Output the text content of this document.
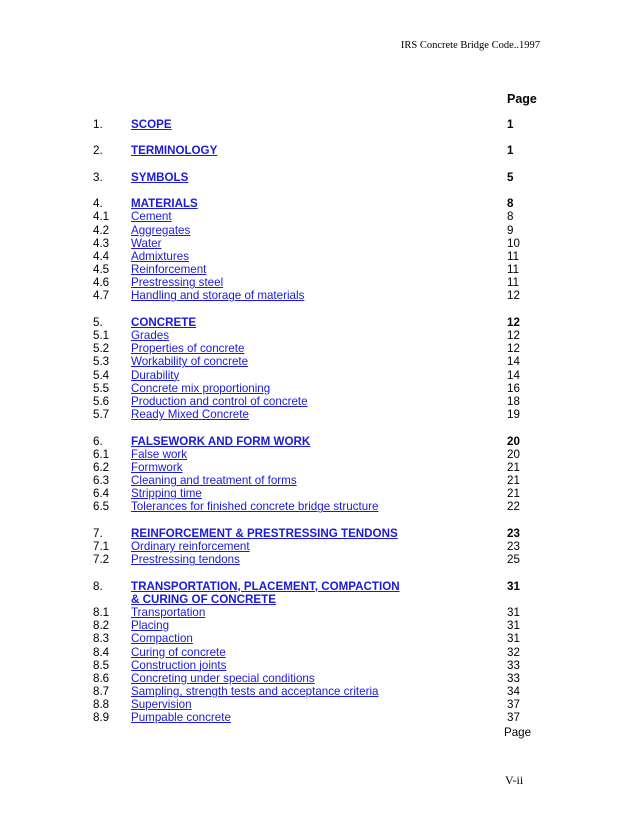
IRS Concrete Bridge Code..1997
Page
1. SCOPE	1
2. TERMINOLOGY	1
3. SYMBOLS	5
4. MATERIALS	8
4.1 Cement	8
4.2 Aggregates	9
4.3 Water	10
4.4 Admixtures	11
4.5 Reinforcement	11
4.6 Prestressing steel	11
4.7 Handling and storage of materials	12
5. CONCRETE	12
5.1 Grades	12
5.2 Properties of concrete	12
5.3 Workability of concrete	14
5.4 Durability	14
5.5 Concrete mix proportioning	16
5.6 Production and control of concrete	18
5.7 Ready Mixed Concrete	19
6. FALSEWORK AND FORM WORK	20
6.1 False work	20
6.2 Formwork	21
6.3 Cleaning and treatment of forms	21
6.4 Stripping time	21
6.5 Tolerances for finished concrete bridge structure	22
7. REINFORCEMENT & PRESTRESSING TENDONS	23
7.1 Ordinary reinforcement	23
7.2 Prestressing tendons	25
8. TRANSPORTATION, PLACEMENT, COMPACTION	31
& CURING OF CONCRETE
8.1 Transportation	31
8.2 Placing	31
8.3 Compaction	31
8.4 Curing of concrete	32
8.5 Construction joints	33
8.6 Concreting under special conditions	33
8.7 Sampling, strength tests and acceptance criteria	34
8.8 Supervision	37
8.9 Pumpable concrete	37
Page
V-ii
